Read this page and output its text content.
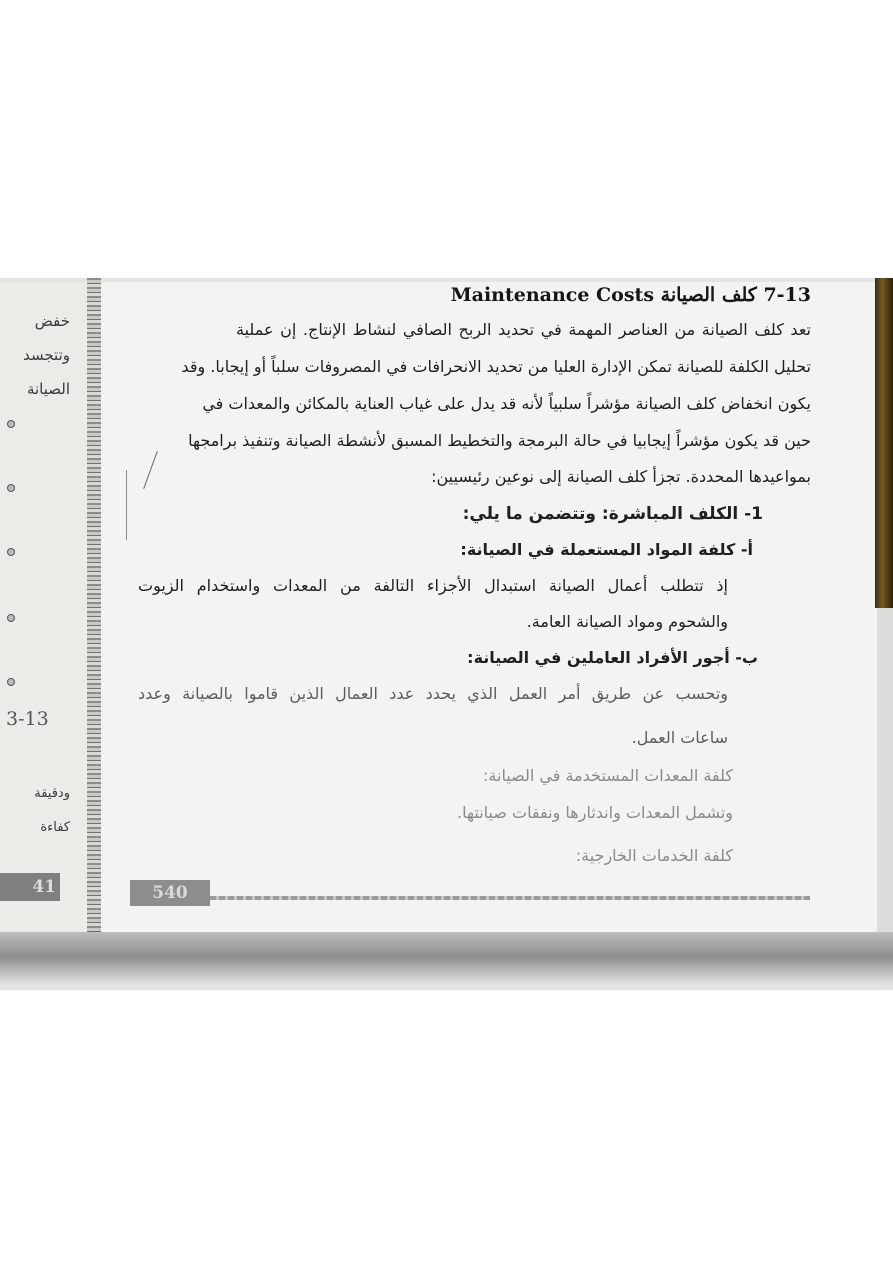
خفض

وتتجسد

الصيانة

3-13

ودقيقة

كفاءة

41
7-13 كلف الصيانة Maintenance Costs

تعد كلف الصيانة من العناصر المهمة في تحديد الربح الصافي لنشاط الإنتاج. إن عملية

تحليل الكلفة للصيانة تمكن الإدارة العليا من تحديد الانحرافات في المصروفات سلباً أو إيجابا. وقد

يكون انخفاض كلف الصيانة مؤشراً سلبياً لأنه قد يدل على غياب العناية بالمكائن والمعدات في

حين قد يكون مؤشراً إيجابيا في حالة البرمجة والتخطيط المسبق لأنشطة الصيانة وتنفيذ برامجها

بمواعيدها المحددة. تجزأ كلف الصيانة إلى نوعين رئيسيين:

1- الكلف المباشرة: وتتضمن ما يلي:

أ- كلفة المواد المستعملة في الصيانة:

إذ تتطلب أعمال الصيانة استبدال الأجزاء التالفة من المعدات واستخدام الزيوت

والشحوم ومواد الصيانة العامة.

ب- أجور الأفراد العاملين في الصيانة:

وتحسب عن طريق أمر العمل الذي يحدد عدد العمال الذين قاموا بالصيانة وعدد

ساعات العمل.

كلفة المعدات المستخدمة في الصيانة:

وتشمل المعدات واندثارها ونفقات صيانتها.

كلفة الخدمات الخارجية:

540
